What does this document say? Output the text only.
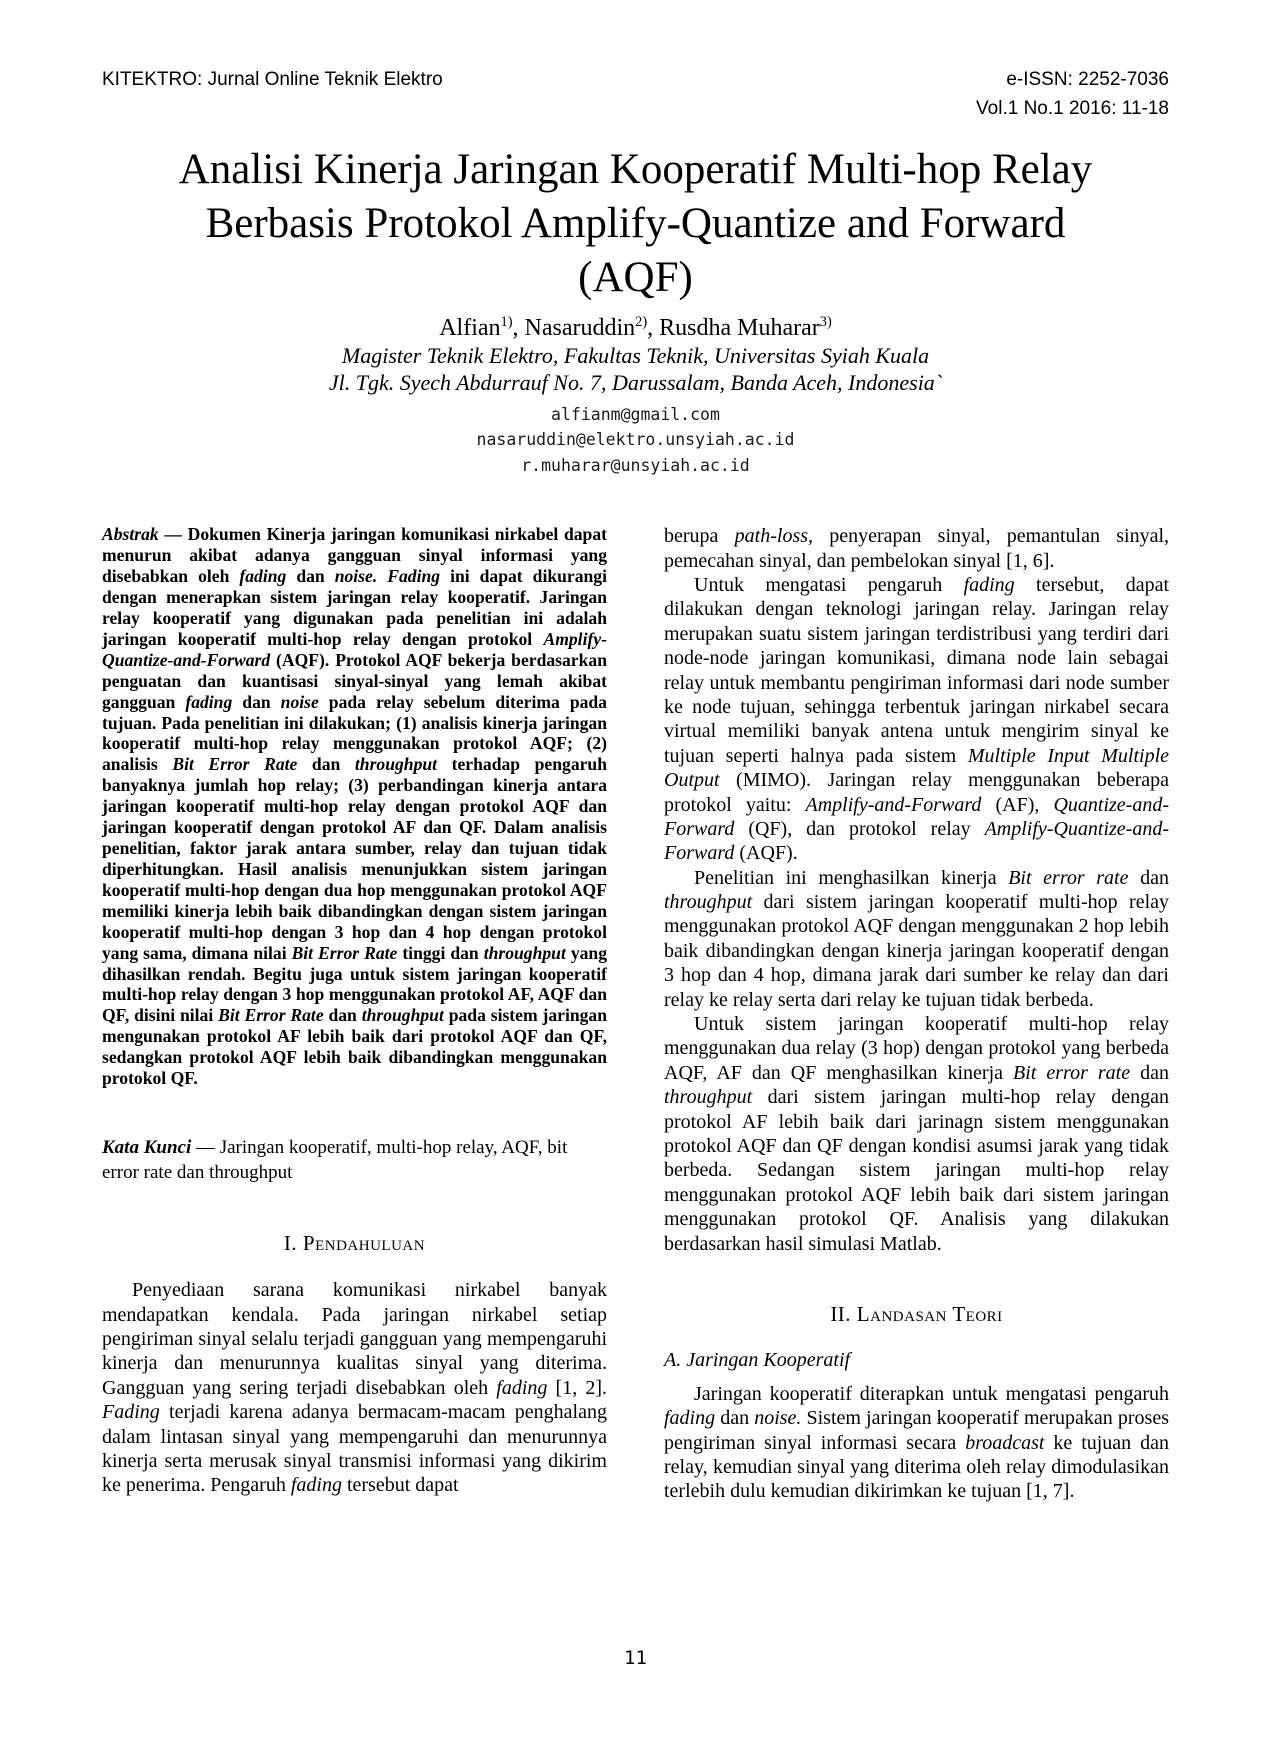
KITEKTRO: Jurnal Online Teknik Elektro	e-ISSN: 2252-7036
Vol.1 No.1 2016: 11-18
Analisi Kinerja Jaringan Kooperatif Multi-hop Relay
Berbasis Protokol Amplify-Quantize and Forward
(AQF)
Alfian$^{1)}$, Nasaruddin$^{2)}$, Rusdha Muharar$^{3)}$
Magister Teknik Elektro, Fakultas Teknik, Universitas Syiah Kuala
Jl. Tgk. Syech Abdurrauf No. 7, Darussalam, Banda Aceh, Indonesia`
alfianm@gmail.com
nasaruddin@elektro.unsyiah.ac.id
r.muharar@unsyiah.ac.id

Abstrak — Dokumen Kinerja jaringan komunikasi nirkabel dapat menurun akibat adanya gangguan sinyal informasi yang disebabkan oleh fading dan noise. Fading ini dapat dikurangi dengan menerapkan sistem jaringan relay kooperatif. Jaringan relay kooperatif yang digunakan pada penelitian ini adalah jaringan kooperatif multi-hop relay dengan protokol Amplify-Quantize-and-Forward (AQF). Protokol AQF bekerja berdasarkan penguatan dan kuantisasi sinyal-sinyal yang lemah akibat gangguan fading dan noise pada relay sebelum diterima pada tujuan. Pada penelitian ini dilakukan; (1) analisis kinerja jaringan kooperatif multi-hop relay menggunakan protokol AQF; (2) analisis Bit Error Rate dan throughput terhadap pengaruh banyaknya jumlah hop relay; (3) perbandingan kinerja antara jaringan kooperatif multi-hop relay dengan protokol AQF dan jaringan kooperatif dengan protokol AF dan QF. Dalam analisis penelitian, faktor jarak antara sumber, relay dan tujuan tidak diperhitungkan. Hasil analisis menunjukkan sistem jaringan kooperatif multi-hop dengan dua hop menggunakan protokol AQF memiliki kinerja lebih baik dibandingkan dengan sistem jaringan kooperatif multi-hop dengan 3 hop dan 4 hop dengan protokol yang sama, dimana nilai Bit Error Rate tinggi dan throughput yang dihasilkan rendah. Begitu juga untuk sistem jaringan kooperatif multi-hop relay dengan 3 hop menggunakan protokol AF, AQF dan QF, disini nilai Bit Error Rate dan throughput pada sistem jaringan mengunakan protokol AF lebih baik dari protokol AQF dan QF, sedangkan protokol AQF lebih baik dibandingkan menggunakan protokol QF.

Kata Kunci — Jaringan kooperatif, multi-hop relay, AQF, bit error rate dan throughput

I. Pendahuluan

Penyediaan sarana komunikasi nirkabel banyak mendapatkan kendala. Pada jaringan nirkabel setiap pengiriman sinyal selalu terjadi gangguan yang mempengaruhi kinerja dan menurunnya kualitas sinyal yang diterima. Gangguan yang sering terjadi disebabkan oleh fading [1, 2]. Fading terjadi karena adanya bermacam-macam penghalang dalam lintasan sinyal yang mempengaruhi dan menurunnya kinerja serta merusak sinyal transmisi informasi yang dikirim ke penerima. Pengaruh fading tersebut dapat

berupa path-loss, penyerapan sinyal, pemantulan sinyal, pemecahan sinyal, dan pembelokan sinyal [1, 6].

Untuk mengatasi pengaruh fading tersebut, dapat dilakukan dengan teknologi jaringan relay. Jaringan relay merupakan suatu sistem jaringan terdistribusi yang terdiri dari node-node jaringan komunikasi, dimana node lain sebagai relay untuk membantu pengiriman informasi dari node sumber ke node tujuan, sehingga terbentuk jaringan nirkabel secara virtual memiliki banyak antena untuk mengirim sinyal ke tujuan seperti halnya pada sistem Multiple Input Multiple Output (MIMO). Jaringan relay menggunakan beberapa protokol yaitu: Amplify-and-Forward (AF), Quantize-and-Forward (QF), dan protokol relay Amplify-Quantize-and-Forward (AQF).

Penelitian ini menghasilkan kinerja Bit error rate dan throughput dari sistem jaringan kooperatif multi-hop relay menggunakan protokol AQF dengan menggunakan 2 hop lebih baik dibandingkan dengan kinerja jaringan kooperatif dengan 3 hop dan 4 hop, dimana jarak dari sumber ke relay dan dari relay ke relay serta dari relay ke tujuan tidak berbeda.

Untuk sistem jaringan kooperatif multi-hop relay menggunakan dua relay (3 hop) dengan protokol yang berbeda AQF, AF dan QF menghasilkan kinerja Bit error rate dan throughput dari sistem jaringan multi-hop relay dengan protokol AF lebih baik dari jarinagn sistem menggunakan protokol AQF dan QF dengan kondisi asumsi jarak yang tidak berbeda. Sedangan sistem jaringan multi-hop relay menggunakan protokol AQF lebih baik dari sistem jaringan menggunakan protokol QF. Analisis yang dilakukan berdasarkan hasil simulasi Matlab.

II. Landasan Teori
A. Jaringan Kooperatif

Jaringan kooperatif diterapkan untuk mengatasi pengaruh fading dan noise. Sistem jaringan kooperatif merupakan proses pengiriman sinyal informasi secara broadcast ke tujuan dan relay, kemudian sinyal yang diterima oleh relay dimodulasikan terlebih dulu kemudian dikirimkan ke tujuan [1, 7].

11
